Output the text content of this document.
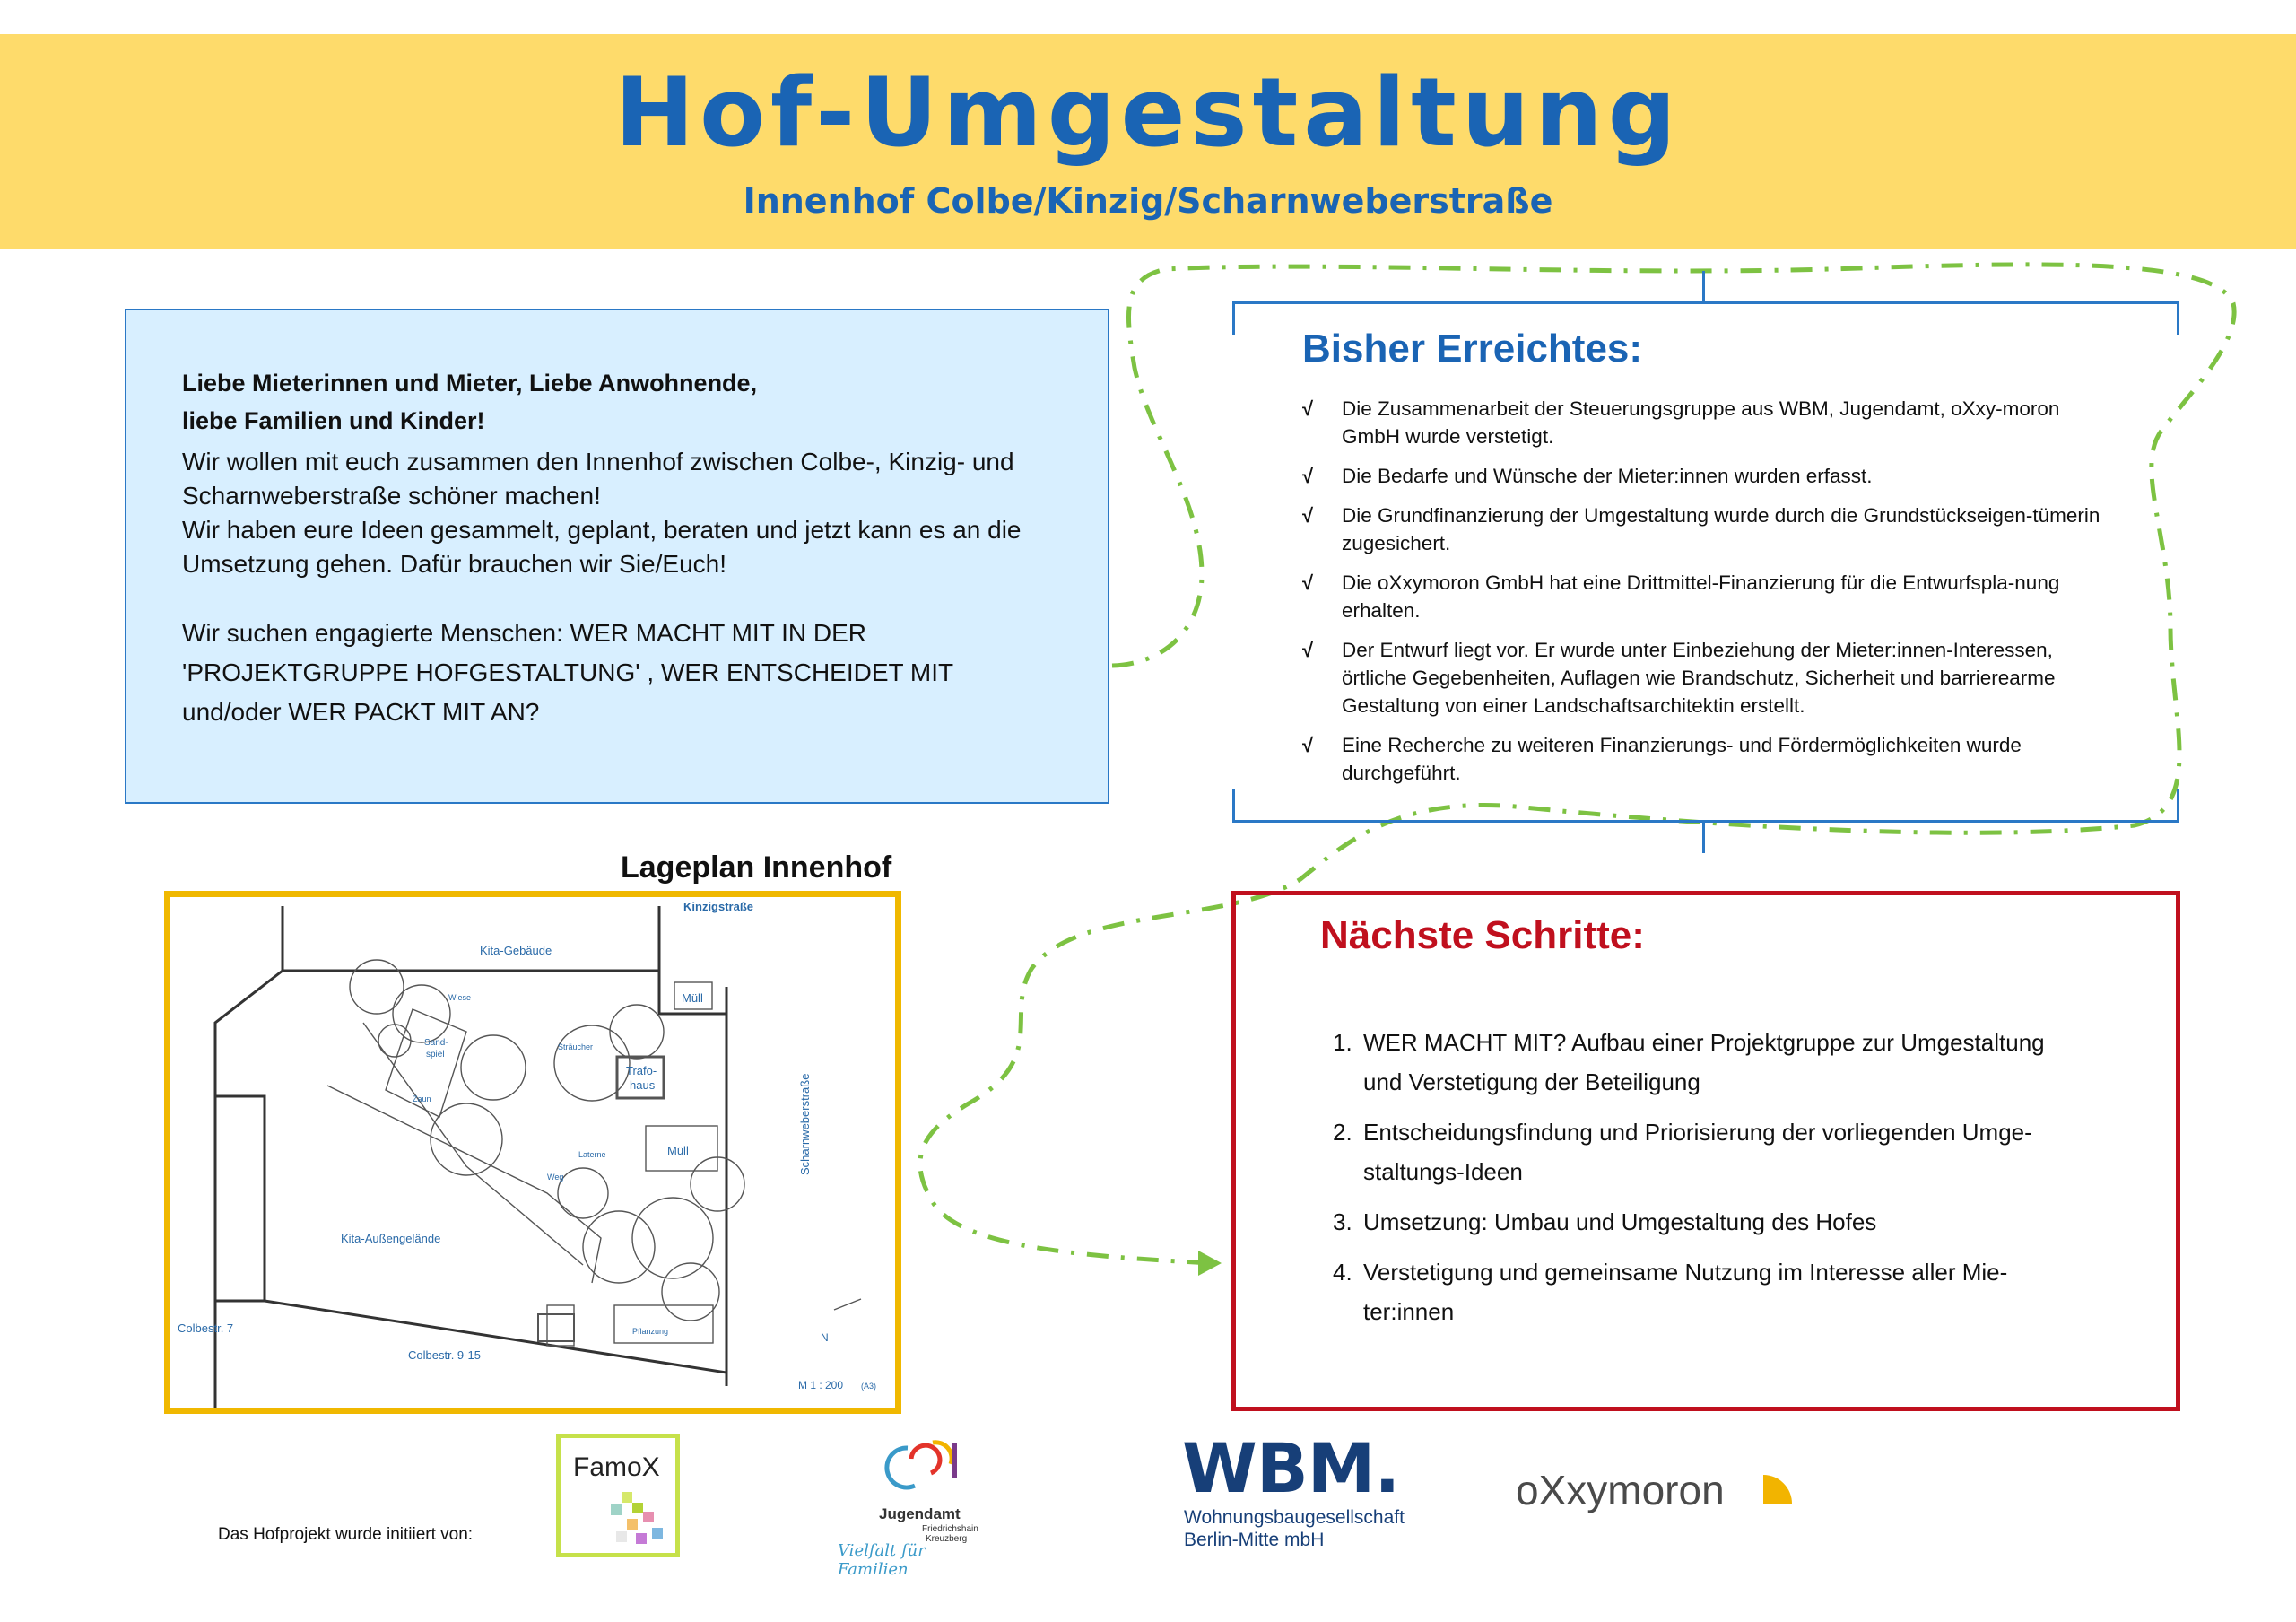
Hof-Umgestaltung
Innenhof Colbe/Kinzig/Scharnweberstraße
Liebe Mieterinnen und Mieter, Liebe Anwohnende,
liebe Familien und Kinder!

Wir wollen mit euch zusammen den Innenhof zwischen Colbe-, Kinzig- und Scharnweberstraße schöner machen!

Wir haben eure Ideen gesammelt, geplant, beraten und jetzt kann es an die Umsetzung gehen. Dafür brauchen wir Sie/Euch!

Wir suchen engagierte Menschen: WER MACHT MIT IN DER 'PROJEKTGRUPPE HOFGESTALTUNG' , WER ENTSCHEIDET MIT und/oder WER PACKT MIT AN?

Bisher Erreichtes:
√ Die Zusammenarbeit der Steuerungsgruppe aus WBM, Jugendamt, oXxy-moron GmbH wurde verstetigt.
√ Die Bedarfe und Wünsche der Mieter:innen wurden erfasst.
√ Die Grundfinanzierung der Umgestaltung wurde durch die Grundstückseigen-tümerin zugesichert.
√ Die oXxymoron GmbH hat eine Drittmittel-Finanzierung für die Entwurfspla-nung erhalten.
√ Der Entwurf liegt vor. Er wurde unter Einbeziehung der Mieter:innen-Interessen, örtliche Gegebenheiten, Auflagen wie Brandschutz, Sicherheit und barrierearme Gestaltung von einer Landschaftsarchitektin erstellt.
√ Eine Recherche zu weiteren Finanzierungs- und Fördermöglichkeiten wurde durchgeführt.
Nächste Schritte:
1. WER MACHT MIT? Aufbau einer Projektgruppe zur Umgestaltung und Verstetigung der Beteiligung
2. Entscheidungsfindung und Priorisierung der vorliegenden Umge-staltungs-Ideen
3. Umsetzung: Umbau und Umgestaltung des Hofes
4. Verstetigung und gemeinsame Nutzung im Interesse aller Mie-ter:innen
Lageplan Innenhof
Kinzigstraße
Kita-Gebäude
Müll
Müll
Trafo-
haus
Sand-
spiel
Kita-Außengelände
Colbestr. 7
Colbestr. 9-15
N
M 1 : 200 (A3)
Sträucher
Pflanzung
Zaun
Weg
Wiese
Laterne	Scharnweberstraße
Das Hofprojekt wurde initiiert von:
FamoX
Jugendamt
Friedrichshain
Kreuzberg
Vielfalt für Familien
WBM.
Wohnungsbaugesellschaft
Berlin-Mitte mbH
oXxymoron
